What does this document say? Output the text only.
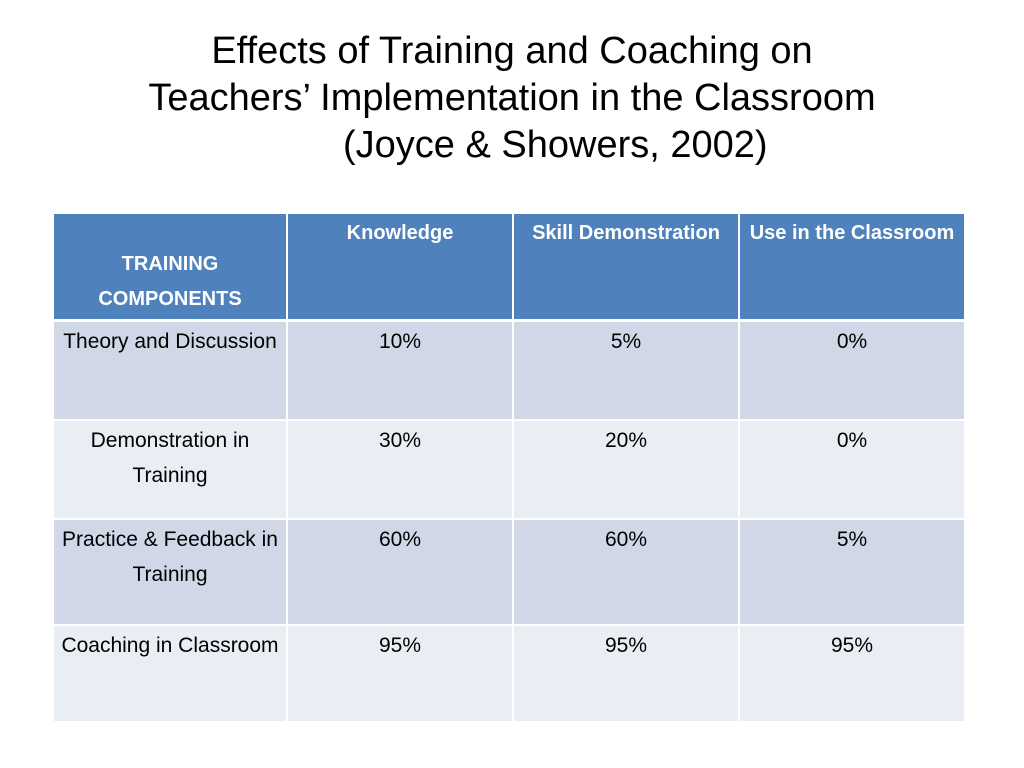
Effects of Training and Coaching on
Teachers’ Implementation in the Classroom
(Joyce & Showers, 2002)
TRAINING COMPONENTS	Knowledge	Skill Demonstration	Use in the Classroom
Theory and Discussion	10%	5%	0%
Demonstration in Training	30%	20%	0%
Practice & Feedback in Training	60%	60%	5%
Coaching in Classroom	95%	95%	95%
